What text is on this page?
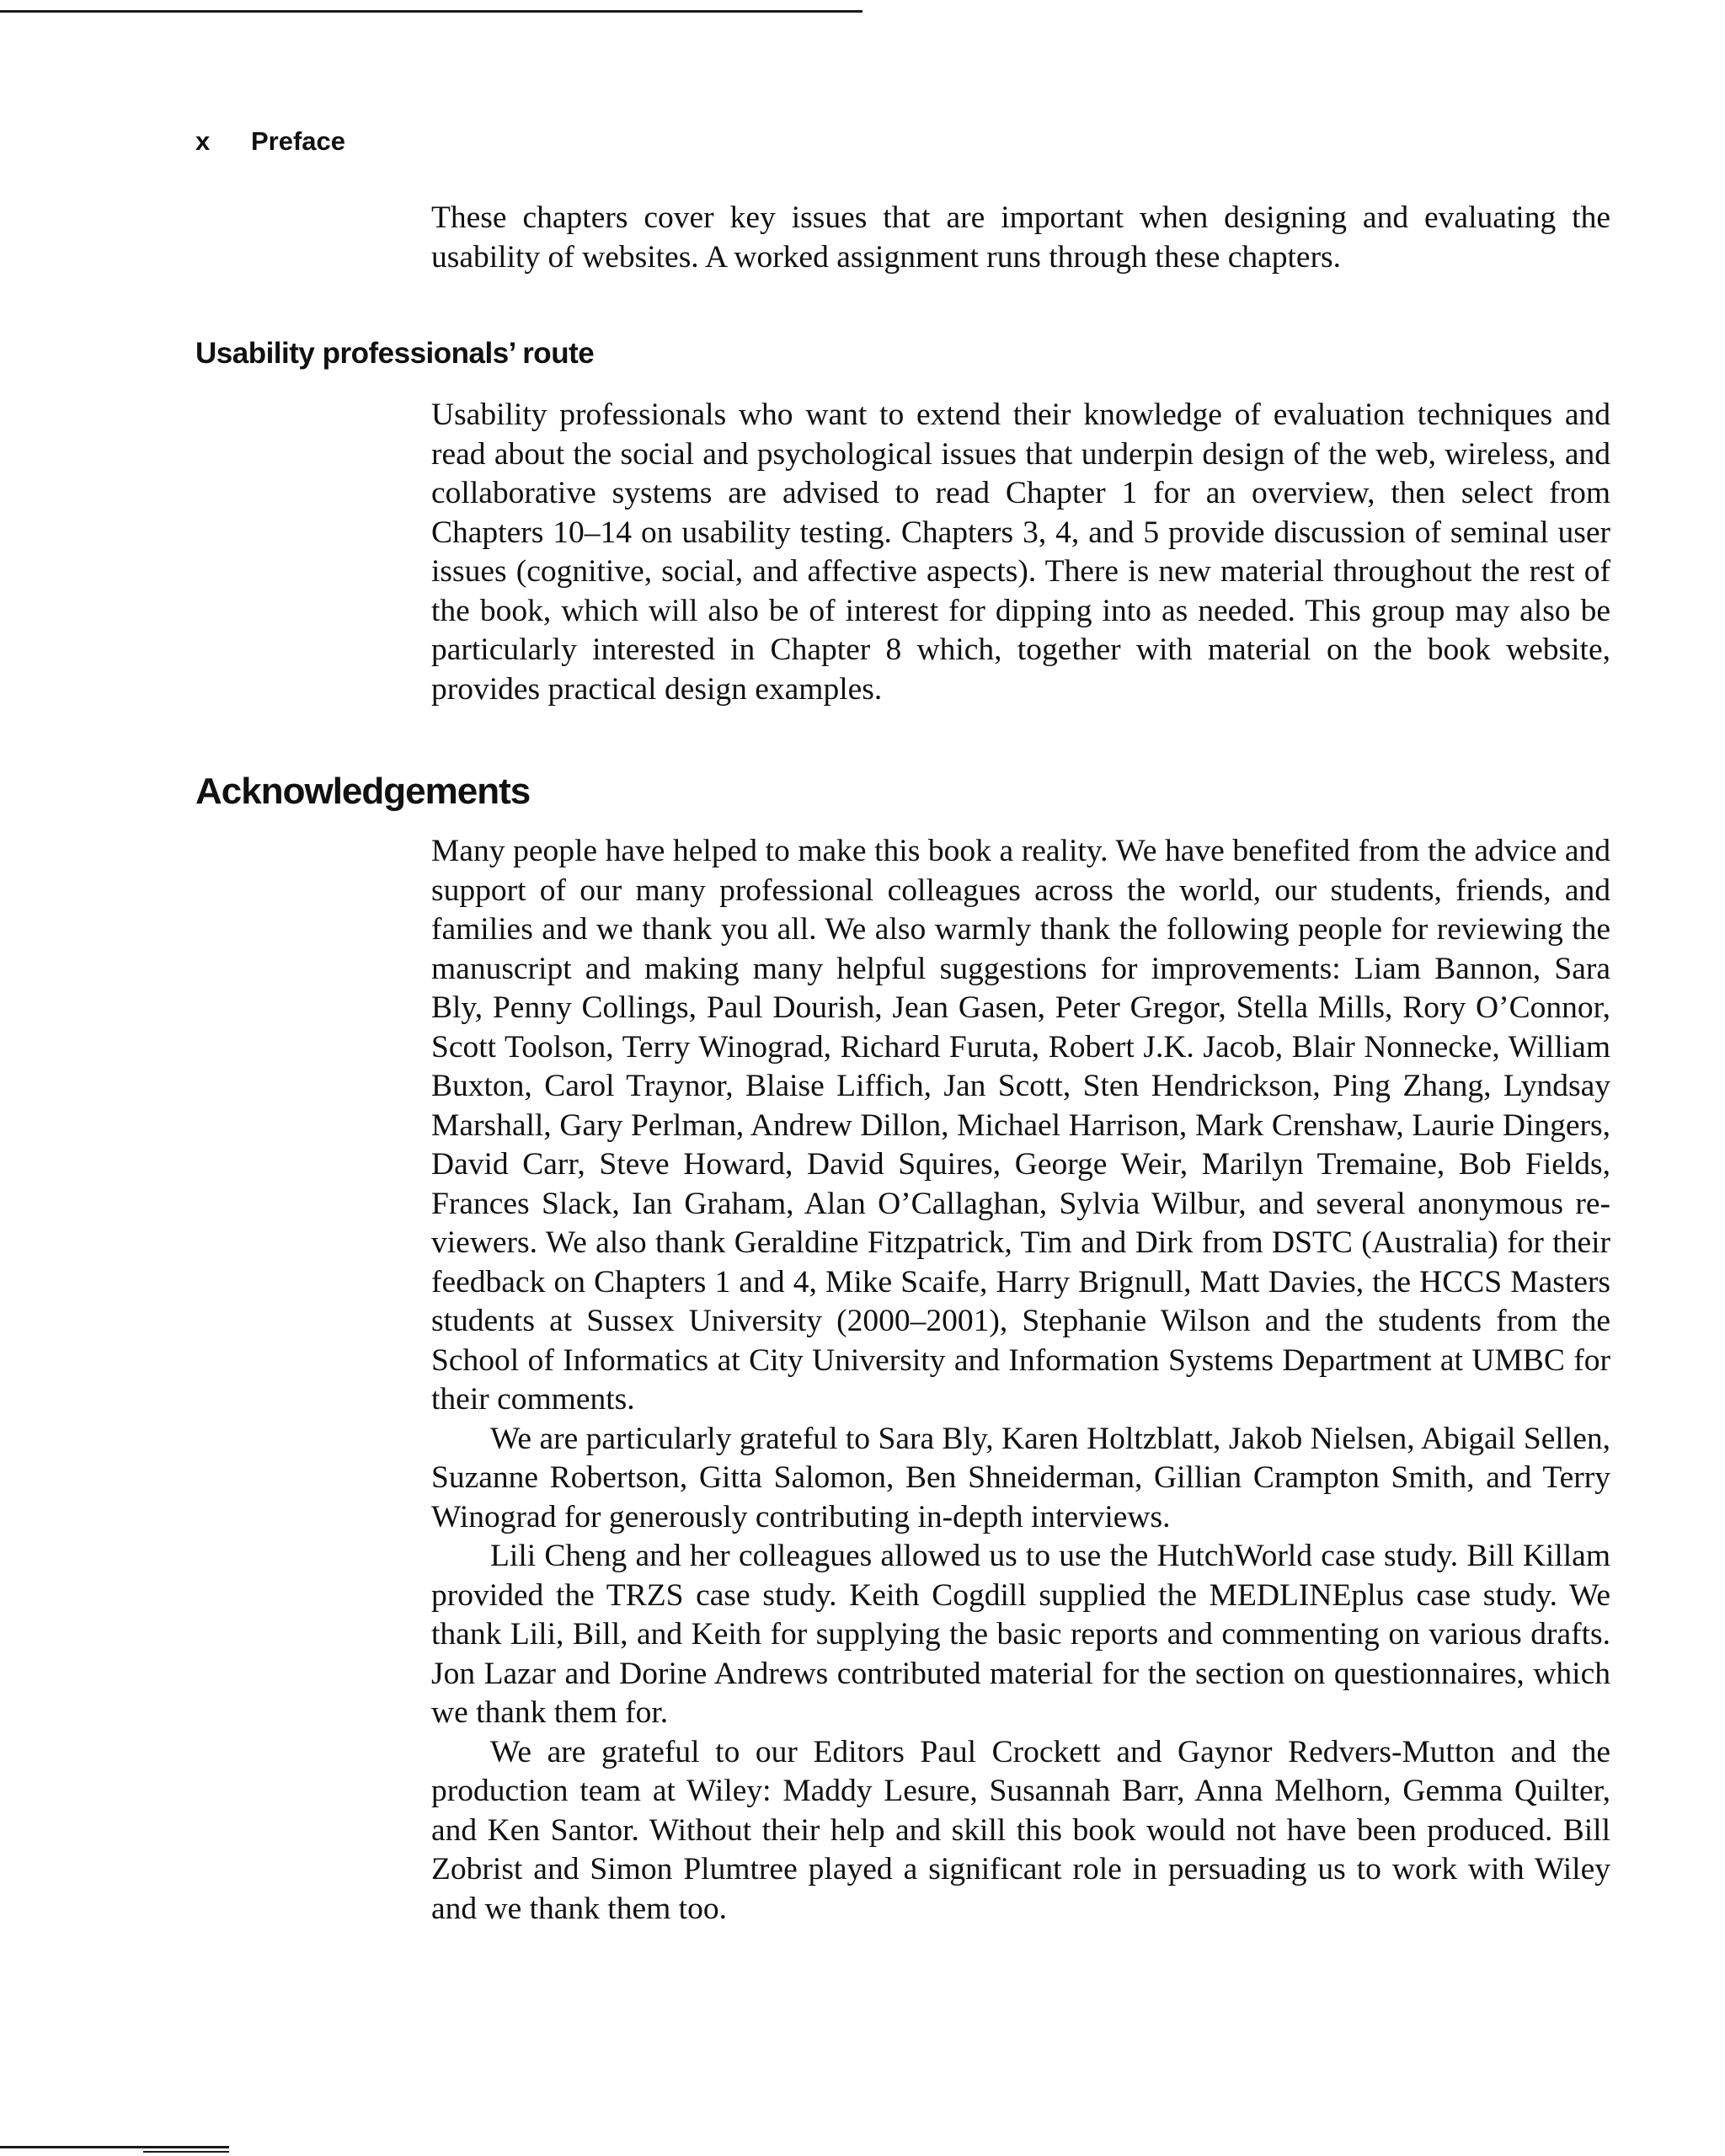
x Preface

These chapters cover key issues that are important when designing and evaluating the usability of websites. A worked assignment runs through these chapters.

Usability professionals’ route

Usability professionals who want to extend their knowledge of evaluation techniques and read about the social and psychological issues that underpin design of the web, wireless, and collaborative systems are advised to read Chapter 1 for an overview, then select from Chapters 10–14 on usability testing. Chapters 3, 4, and 5 provide discussion of seminal user issues (cognitive, social, and affective aspects). There is new material throughout the rest of the book, which will also be of interest for dipping into as needed. This group may also be particularly interested in Chapter 8 which, together with material on the book website, provides practical design examples.

Acknowledgements

Many people have helped to make this book a reality. We have benefited from the advice and support of our many professional colleagues across the world, our students, friends, and families and we thank you all. We also warmly thank the following people for reviewing the manuscript and making many helpful suggestions for improvements: Liam Bannon, Sara Bly, Penny Collings, Paul Dourish, Jean Gasen, Peter Gregor, Stella Mills, Rory O’Connor, Scott Toolson, Terry Winograd, Richard Furuta, Robert J.K. Jacob, Blair Nonnecke, William Buxton, Carol Traynor, Blaise Liffich, Jan Scott, Sten Hendrickson, Ping Zhang, Lyndsay Marshall, Gary Perlman, Andrew Dillon, Michael Harrison, Mark Crenshaw, Laurie Dingers, David Carr, Steve Howard, David Squires, George Weir, Marilyn Tremaine, Bob Fields, Frances Slack, Ian Graham, Alan O’Callaghan, Sylvia Wilbur, and several anonymous reviewers. We also thank Geraldine Fitzpatrick, Tim and Dirk from DSTC (Australia) for their feedback on Chapters 1 and 4, Mike Scaife, Harry Brignull, Matt Davies, the HCCS Masters students at Sussex University (2000–2001), Stephanie Wilson and the students from the School of Informatics at City University and Information Systems Department at UMBC for their comments.

We are particularly grateful to Sara Bly, Karen Holtzblatt, Jakob Nielsen, Abigail Sellen, Suzanne Robertson, Gitta Salomon, Ben Shneiderman, Gillian Crampton Smith, and Terry Winograd for generously contributing in-depth interviews.

Lili Cheng and her colleagues allowed us to use the HutchWorld case study. Bill Killam provided the TRZS case study. Keith Cogdill supplied the MEDLINEplus case study. We thank Lili, Bill, and Keith for supplying the basic reports and commenting on various drafts. Jon Lazar and Dorine Andrews contributed material for the section on questionnaires, which we thank them for.

We are grateful to our Editors Paul Crockett and Gaynor Redvers-Mutton and the production team at Wiley: Maddy Lesure, Susannah Barr, Anna Melhorn, Gemma Quilter, and Ken Santor. Without their help and skill this book would not have been produced. Bill Zobrist and Simon Plumtree played a significant role in persuading us to work with Wiley and we thank them too.
